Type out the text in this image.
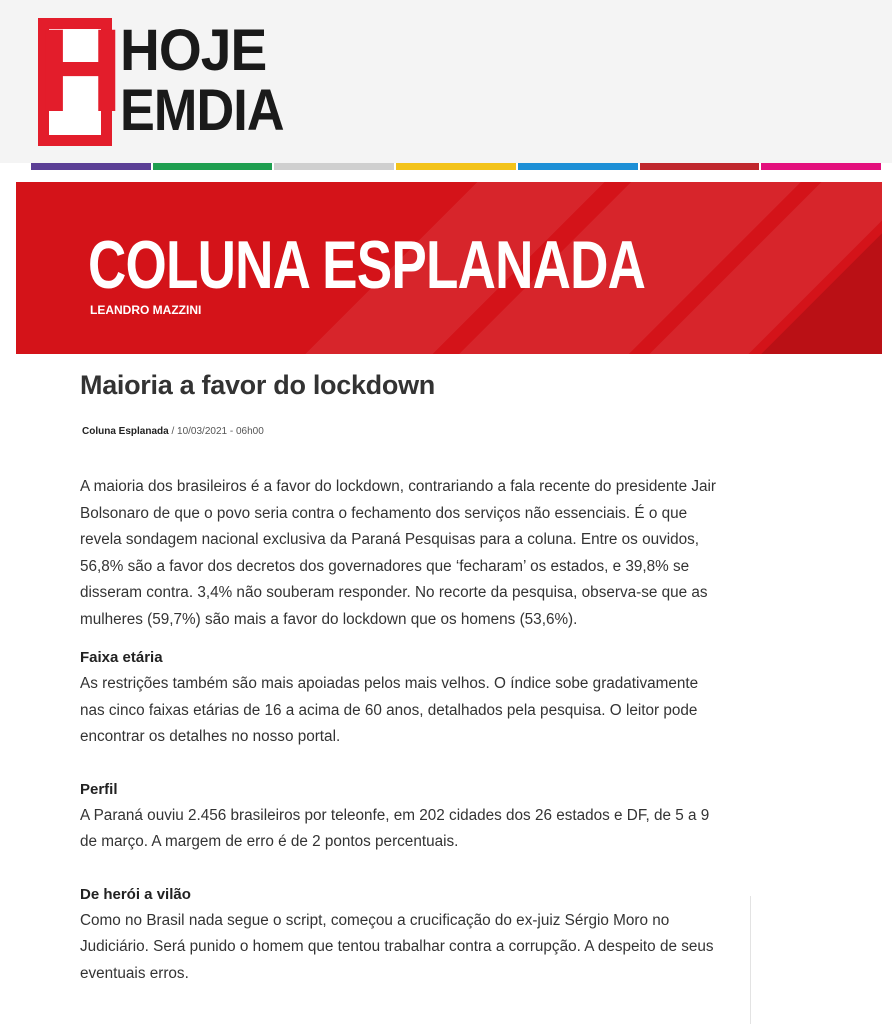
H HOJE
EMDIA
COLUNA ESPLANADA
LEANDRO MAZZINI
Maioria a favor do lockdown
Coluna Esplanada / 10/03/2021 - 06h00

A maioria dos brasileiros é a favor do lockdown, contrariando a fala recente do presidente Jair Bolsonaro de que o povo seria contra o fechamento dos serviços não essenciais. É o que revela sondagem nacional exclusiva da Paraná Pesquisas para a coluna. Entre os ouvidos, 56,8% são a favor dos decretos dos governadores que ‘fecharam’ os estados, e 39,8% se disseram contra. 3,4% não souberam responder. No recorte da pesquisa, observa-se que as mulheres (59,7%) são mais a favor do lockdown que os homens (53,6%).

Faixa etária

As restrições também são mais apoiadas pelos mais velhos. O índice sobe gradativamente nas cinco faixas etárias de 16 a acima de 60 anos, detalhados pela pesquisa. O leitor pode encontrar os detalhes no nosso portal.

Perfil

A Paraná ouviu 2.456 brasileiros por teleonfe, em 202 cidades dos 26 estados e DF, de 5 a 9 de março. A margem de erro é de 2 pontos percentuais.

De herói a vilão

Como no Brasil nada segue o script, começou a crucificação do ex-juiz Sérgio Moro no Judiciário. Será punido o homem que tentou trabalhar contra a corrupção. A despeito de seus eventuais erros.
